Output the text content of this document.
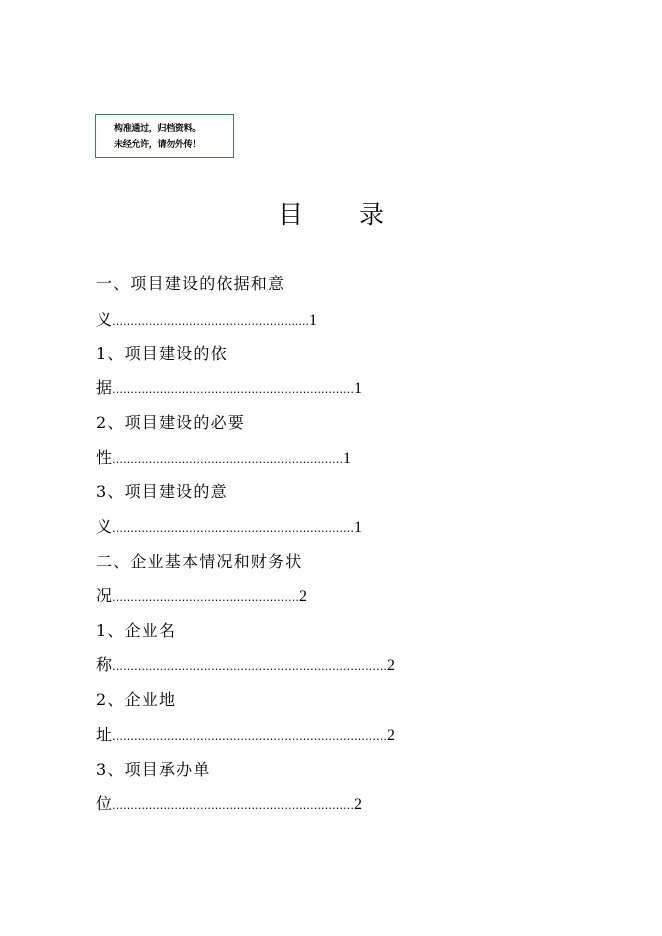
构准通过，归档资料。
未经允许，请勿外传！
目 录
一、项目建设的依据和意
义…………………………………………......1
1、项目建设的依
据…………………………………………………………1
2、项目建设的必要
性………………………………………………………1
3、项目建设的意
义…………………………………………………………1
二、企业基本情况和财务状
况……………………………………………2
1、企业名
称…………………………………………………………………2
2、企业地
址…………………………………………………………………2
3、项目承办单
位…………………………………………………………2
